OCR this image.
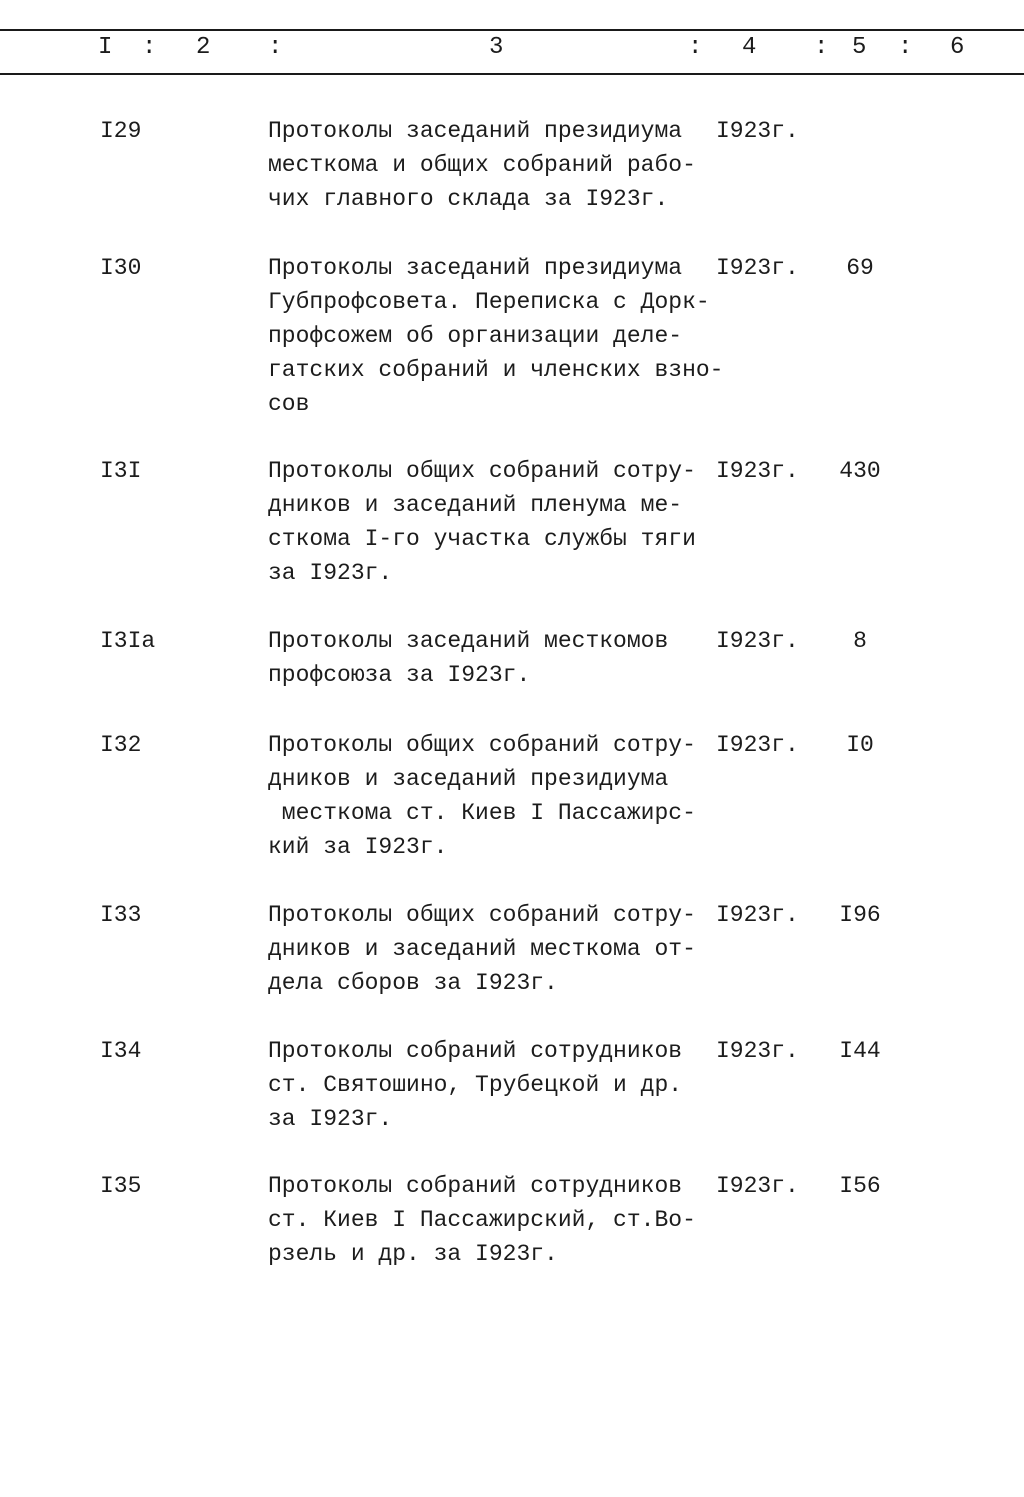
I : 2 :	3	: 4 : 5 : 6
I29	Протоколы заседаний президиума
месткома и общих собраний рабо-
чих главного склада за I923г.
I923г.
I30	Протоколы заседаний президиума
Губпрофсовета. Переписка с Дорк-
профсожем об организации деле-
гатских собраний и членских взно-
сов
I923г.	69
I3I	Протоколы общих собраний сотру-
дников и заседаний пленума ме-
сткома I-го участка службы тяги
за I923г.
I923г.	430
I3Iа	Протоколы заседаний месткомов
профсоюза за I923г.
I923г.	8
I32	Протоколы общих собраний сотру-
дников и заседаний президиума
месткома ст. Киев I Пассажирс-
кий за I923г.
I923г.	I0
I33	Протоколы общих собраний сотру-
дников и заседаний месткома от-
дела сборов за I923г.
I923г.	I96
I34	Протоколы собраний сотрудников
ст. Святошино, Трубецкой и др.
за I923г.
I923г.	I44
I35	Протоколы собраний сотрудников
ст. Киев I Пассажирский, ст.Во-
рзель и др. за I923г.
I923г.	I56
